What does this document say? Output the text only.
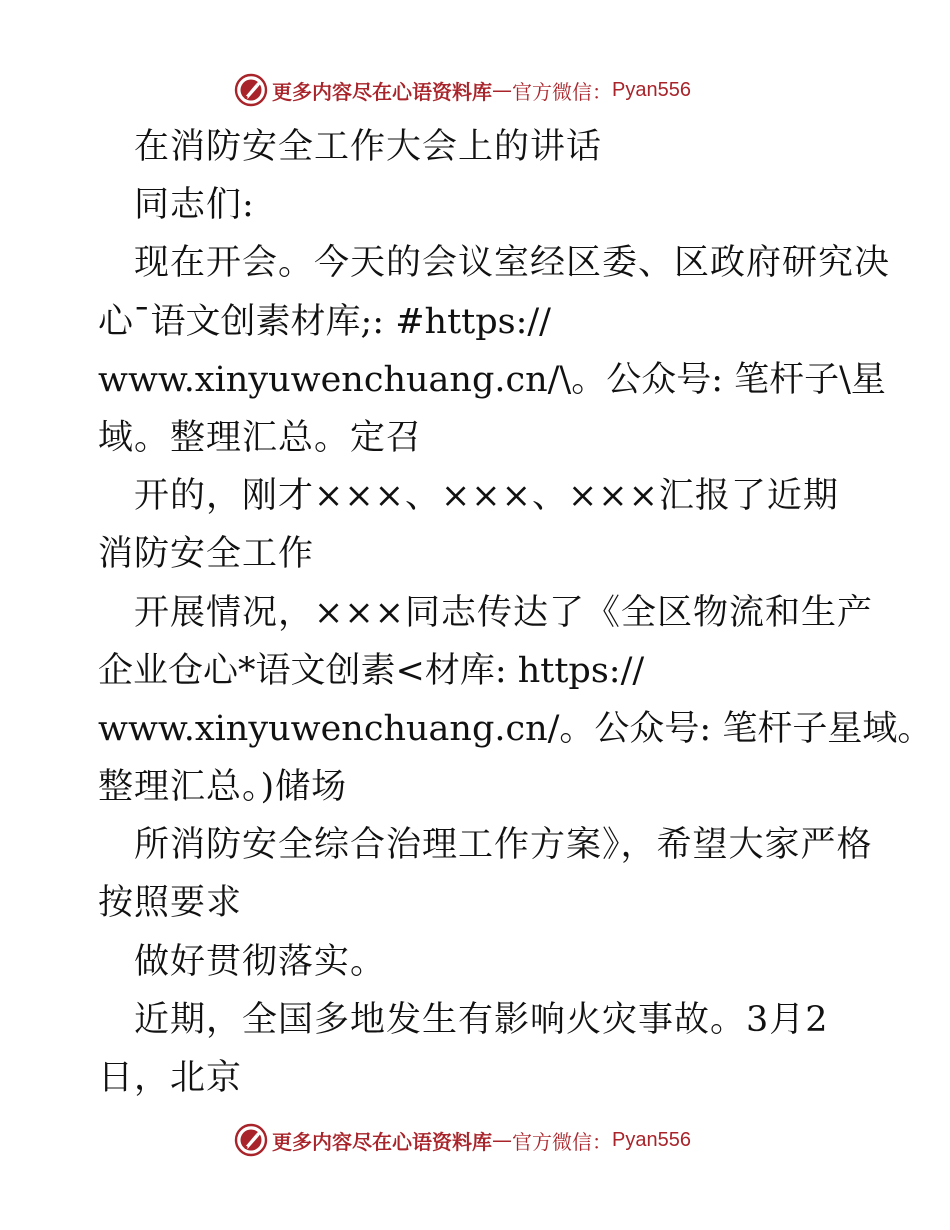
更多内容尽在心语资料库 — 官方微信： Pyan556
在消防安全工作大会上的讲话
同志们:
现在开会。今天的会议室经区委、区政府研究决
心¯语文创素材库;: #https://
www.xinyuwenchuang.cn/\。公众号: 笔杆子\星
域。整理汇总。定召
开的，刚才×××、×××、×××汇报了近期
消防安全工作
开展情况，×××同志传达了《全区物流和生产
企业仓心*语文创素<材库: https://
www.xinyuwenchuang.cn/。公众号: 笔杆子星域。
整理汇总。)储场
所消防安全综合治理工作方案》，希望大家严格
按照要求
做好贯彻落实。
近期，全国多地发生有影响火灾事故。3月2
日，北京
更多内容尽在心语资料库 — 官方微信： Pyan556
